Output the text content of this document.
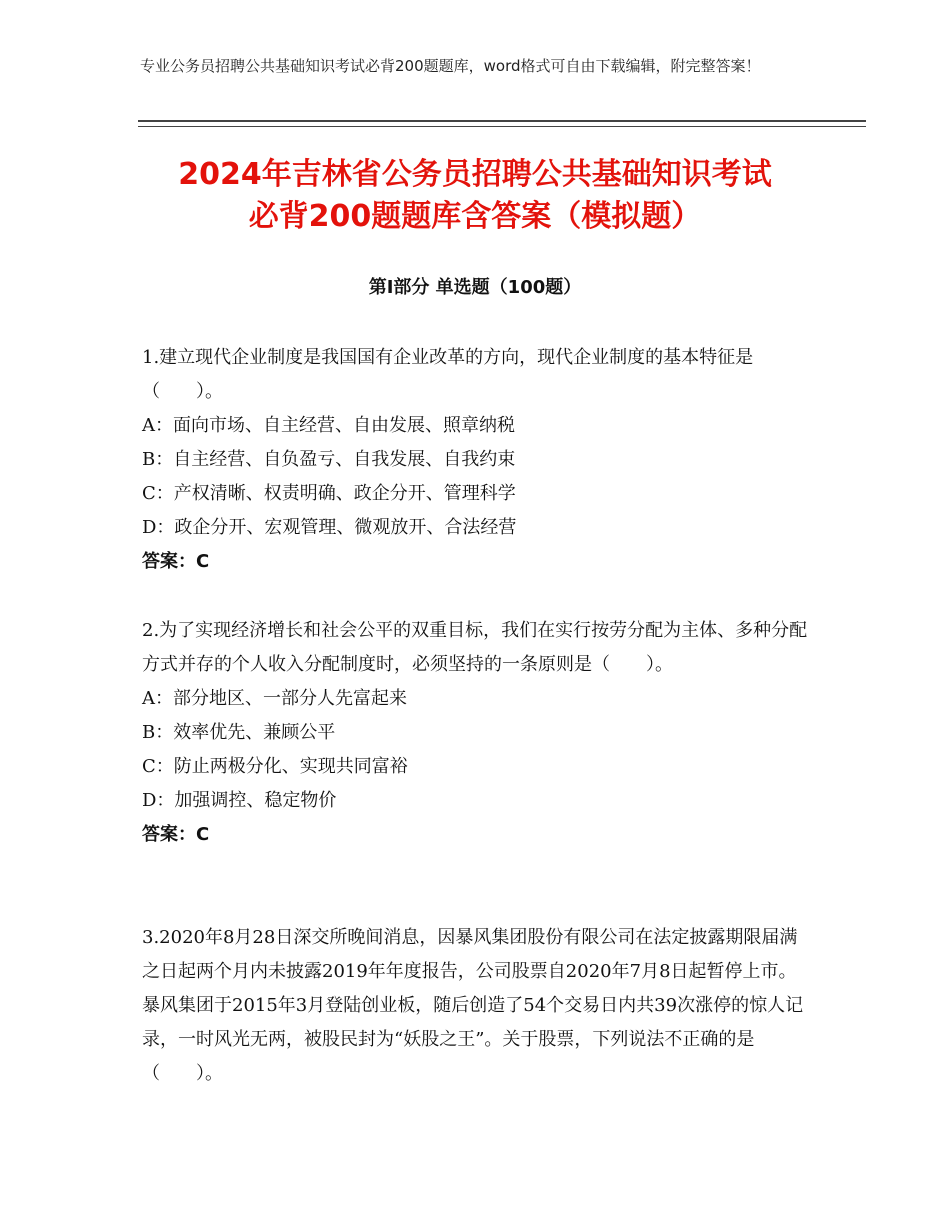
专业公务员招聘公共基础知识考试必背200题题库，word格式可自由下载编辑，附完整答案！
2024年吉林省公务员招聘公共基础知识考试
必背200题题库含答案（模拟题）
第Ⅰ部分 单选题（100题）

1.建立现代企业制度是我国国有企业改革的方向，现代企业制度的基本特征是（　　）。

A：面向市场、自主经营、自由发展、照章纳税

B：自主经营、自负盈亏、自我发展、自我约束

C：产权清晰、权责明确、政企分开、管理科学

D：政企分开、宏观管理、微观放开、合法经营

答案：C

2.为了实现经济增长和社会公平的双重目标，我们在实行按劳分配为主体、多种分配方式并存的个人收入分配制度时，必须坚持的一条原则是（　　）。

A：部分地区、一部分人先富起来

B：效率优先、兼顾公平

C：防止两极分化、实现共同富裕

D：加强调控、稳定物价

答案：C

3.2020年8月28日深交所晚间消息，因暴风集团股份有限公司在法定披露期限届满之日起两个月内未披露2019年年度报告，公司股票自2020年7月8日起暂停上市。暴风集团于2015年3月登陆创业板，随后创造了54个交易日内共39次涨停的惊人记录，一时风光无两，被股民封为“妖股之王”。关于股票，下列说法不正确的是（　　）。
